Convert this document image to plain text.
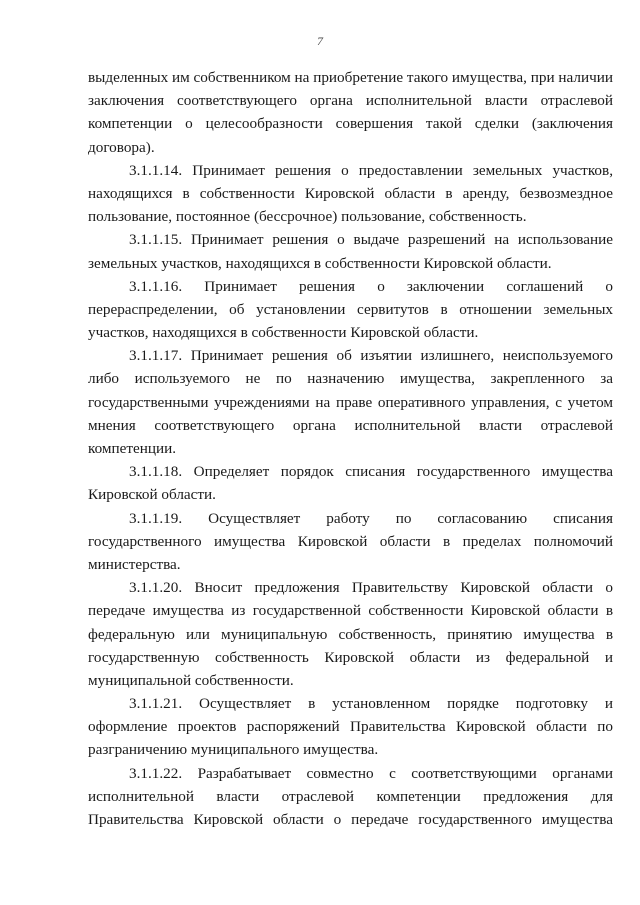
7
выделенных им собственником на приобретение такого имущества, при наличии
заключения соответствующего органа исполнительной власти отраслевой
компетенции о целесообразности совершения такой сделки (заключения
договора).
3.1.1.14. Принимает решения о предоставлении земельных участков,
находящихся в собственности Кировской области в аренду, безвозмездное
пользование, постоянное (бессрочное) пользование, собственность.
3.1.1.15. Принимает решения о выдаче разрешений на использование
земельных участков, находящихся в собственности Кировской области.
3.1.1.16. Принимает решения о заключении соглашений о
перераспределении, об установлении сервитутов в отношении земельных
участков, находящихся в собственности Кировской области.
3.1.1.17. Принимает решения об изъятии излишнего, неиспользуемого
либо используемого не по назначению имущества, закрепленного за
государственными учреждениями на праве оперативного управления, с учетом
мнения соответствующего органа исполнительной власти отраслевой
компетенции.
3.1.1.18. Определяет порядок списания государственного имущества
Кировской области.
3.1.1.19. Осуществляет работу по согласованию списания
государственного имущества Кировской области в пределах полномочий
министерства.
3.1.1.20. Вносит предложения Правительству Кировской области о
передаче имущества из государственной собственности Кировской области в
федеральную или муниципальную собственность, принятию имущества в
государственную собственность Кировской области из федеральной и
муниципальной собственности.
3.1.1.21. Осуществляет в установленном порядке подготовку и
оформление проектов распоряжений Правительства Кировской области по
разграничению муниципального имущества.
3.1.1.22. Разрабатывает совместно с соответствующими органами
исполнительной власти отраслевой компетенции предложения для
Правительства Кировской области о передаче государственного имущества
